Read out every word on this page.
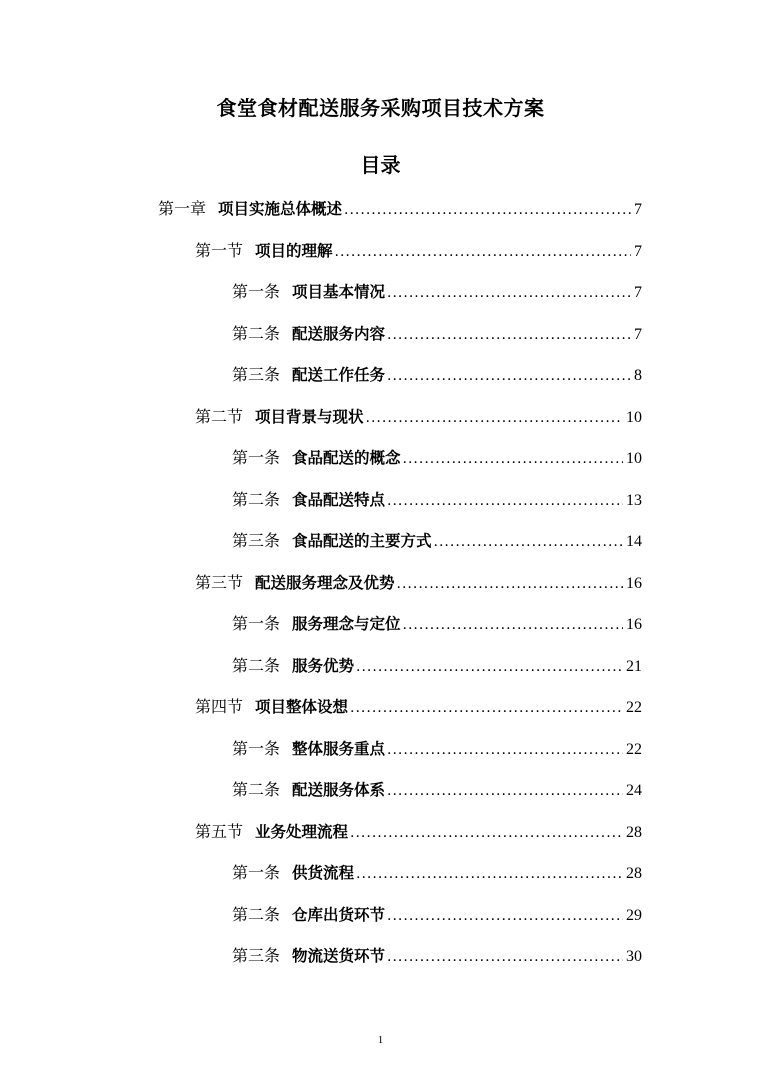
食堂食材配送服务采购项目技术方案
目录
第一章 项目实施总体概述 .....	7
第一节 项目的理解 .....	7
第一条 项目基本情况 .....	7
第二条 配送服务内容 .....	7
第三条 配送工作任务 .....	8
第二节 项目背景与现状 .....	10
第一条 食品配送的概念 .....	10
第二条 食品配送特点 .....	13
第三条 食品配送的主要方式 .....	14
第三节 配送服务理念及优势 .....	16
第一条 服务理念与定位 .....	16
第二条 服务优势 .....	21
第四节 项目整体设想 .....	22
第一条 整体服务重点 .....	22
第二条 配送服务体系 .....	24
第五节 业务处理流程 .....	28
第一条 供货流程 .....	28
第二条 仓库出货环节 .....	29
第三条 物流送货环节 .....	30
1
